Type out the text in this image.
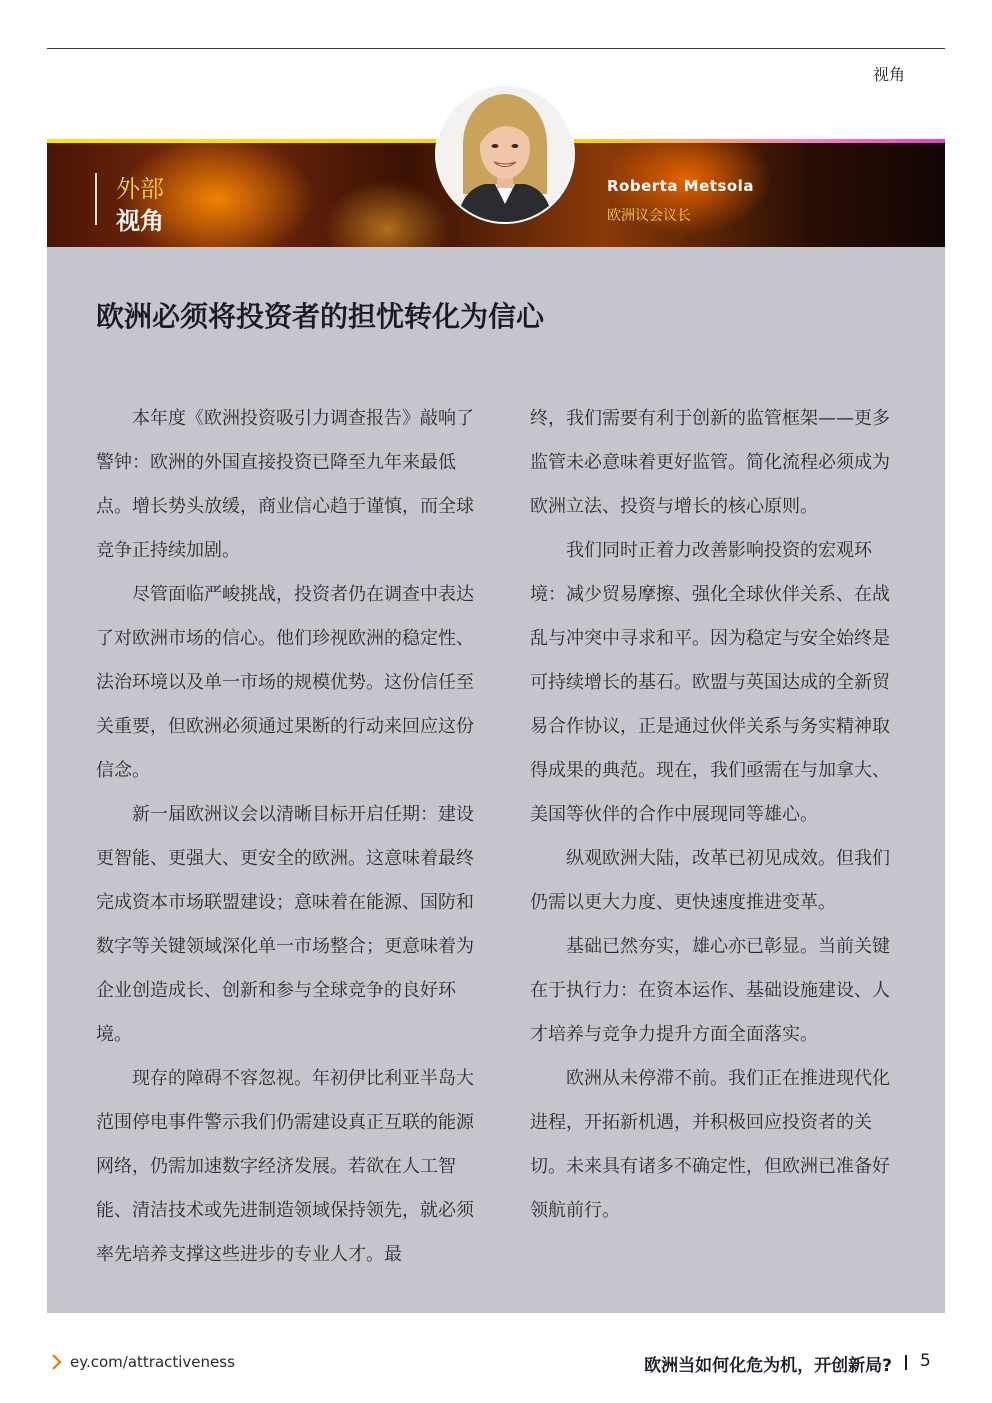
视角
外部
视角
Roberta Metsola
欧洲议会议长
欧洲必须将投资者的担忧转化为信心

本年度《欧洲投资吸引力调查报告》敲响了警钟：欧洲的外国直接投资已降至九年来最低点。增长势头放缓，商业信心趋于谨慎，而全球竞争正持续加剧。

尽管面临严峻挑战，投资者仍在调查中表达了对欧洲市场的信心。他们珍视欧洲的稳定性、法治环境以及单一市场的规模优势。这份信任至关重要，但欧洲必须通过果断的行动来回应这份信念。

新一届欧洲议会以清晰目标开启任期：建设更智能、更强大、更安全的欧洲。这意味着最终完成资本市场联盟建设；意味着在能源、国防和数字等关键领域深化单一市场整合；更意味着为企业创造成长、创新和参与全球竞争的良好环境。

现存的障碍不容忽视。年初伊比利亚半岛大范围停电事件警示我们仍需建设真正互联的能源网络，仍需加速数字经济发展。若欲在人工智能、清洁技术或先进制造领域保持领先，就必须率先培养支撑这些进步的专业人才。最

终，我们需要有利于创新的监管框架——更多监管未必意味着更好监管。简化流程必须成为欧洲立法、投资与增长的核心原则。

我们同时正着力改善影响投资的宏观环境：减少贸易摩擦、强化全球伙伴关系、在战乱与冲突中寻求和平。因为稳定与安全始终是可持续增长的基石。欧盟与英国达成的全新贸易合作协议，正是通过伙伴关系与务实精神取得成果的典范。现在，我们亟需在与加拿大、美国等伙伴的合作中展现同等雄心。

纵观欧洲大陆，改革已初见成效。但我们仍需以更大力度、更快速度推进变革。

基础已然夯实，雄心亦已彰显。当前关键在于执行力：在资本运作、基础设施建设、人才培养与竞争力提升方面全面落实。

欧洲从未停滞不前。我们正在推进现代化进程，开拓新机遇，并积极回应投资者的关切。未来具有诸多不确定性，但欧洲已准备好领航前行。

ey.com/attractiveness	欧洲当如何化危为机，开创新局? 5
